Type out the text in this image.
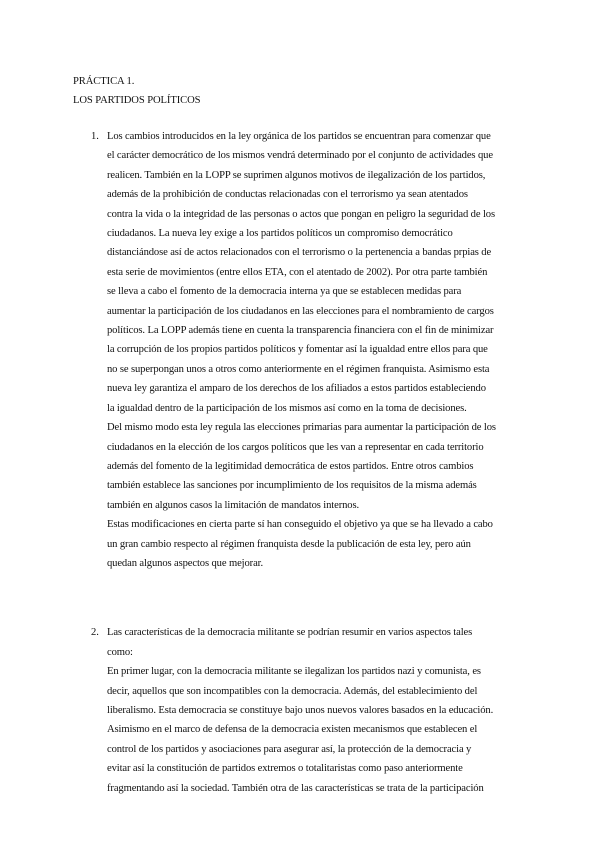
PRÁCTICA 1.
LOS PARTIDOS POLÍTICOS
1. Los cambios introducidos en la ley orgánica de los partidos se encuentran para comenzar que
el carácter democrático de los mismos vendrá determinado por el conjunto de actividades que
realicen. También en la LOPP se suprimen algunos motivos de ilegalización de los partidos,
además de la prohibición de conductas relacionadas con el terrorismo ya sean atentados
contra la vida o la integridad de las personas o actos que pongan en peligro la seguridad de los
ciudadanos. La nueva ley exige a los partidos políticos un compromiso democrático
distanciándose así de actos relacionados con el terrorismo o la pertenencia a bandas prpias de
esta serie de movimientos (entre ellos ETA, con el atentado de 2002). Por otra parte también
se lleva a cabo el fomento de la democracia interna ya que se establecen medidas para
aumentar la participación de los ciudadanos en las elecciones para el nombramiento de cargos
políticos. La LOPP además tiene en cuenta la transparencia financiera con el fin de minimizar
la corrupción de los propios partidos políticos y fomentar así la igualdad entre ellos para que
no se superpongan unos a otros como anteriormente en el régimen franquista. Asimismo esta
nueva ley garantiza el amparo de los derechos de los afiliados a estos partidos estableciendo
la igualdad dentro de la participación de los mismos así como en la toma de decisiones.
Del mismo modo esta ley regula las elecciones primarias para aumentar la participación de los
ciudadanos en la elección de los cargos políticos que les van a representar en cada territorio
además del fomento de la legitimidad democrática de estos partidos. Entre otros cambios
también establece las sanciones por incumplimiento de los requisitos de la misma además
también en algunos casos la limitación de mandatos internos.
Estas modificaciones en cierta parte sí han conseguido el objetivo ya que se ha llevado a cabo
un gran cambio respecto al régimen franquista desde la publicación de esta ley, pero aún
quedan algunos aspectos que mejorar.
2. Las características de la democracia militante se podrían resumir en varios aspectos tales
como:
En primer lugar, con la democracia militante se ilegalizan los partidos nazi y comunista, es
decir, aquellos que son incompatibles con la democracia. Además, del establecimiento del
liberalismo. Esta democracia se constituye bajo unos nuevos valores basados en la educación.
Asimismo en el marco de defensa de la democracia existen mecanismos que establecen el
control de los partidos y asociaciones para asegurar así, la protección de la democracia y
evitar así la constitución de partidos extremos o totalitaristas como paso anteriormente
fragmentando así la sociedad. También otra de las características se trata de la participación
